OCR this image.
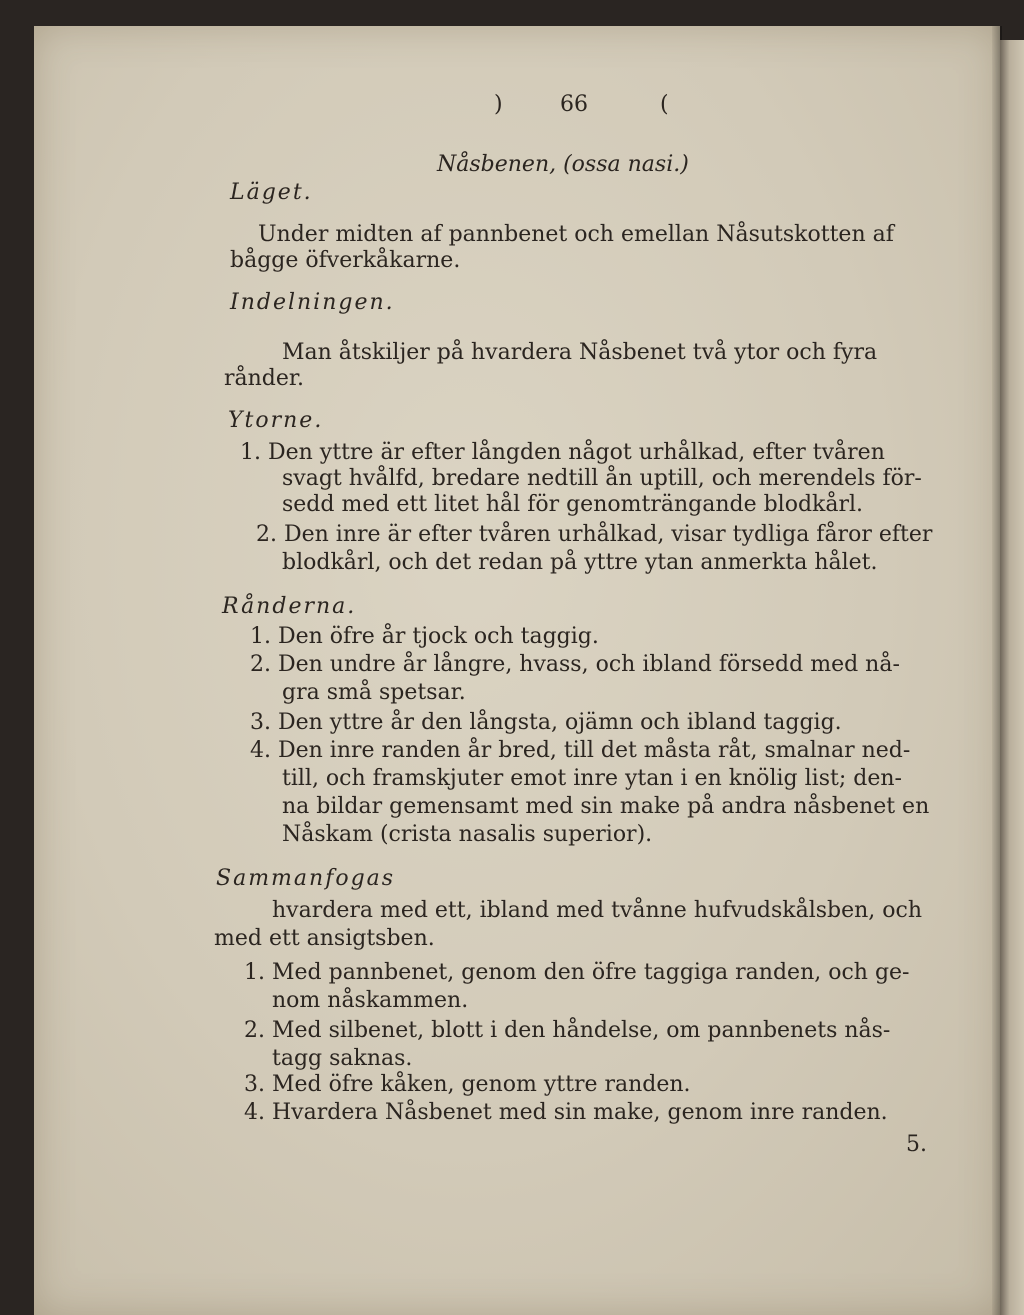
)	66	(
Nåsbenen, (ossa nasi.)
Läget.
Under midten af pannbenet och emellan Nåsutskotten af
bågge öfverkåkarne.
Indelningen.
Man åtskiljer på hvardera Nåsbenet två ytor och fyra
rånder.
Ytorne.
1. Den yttre är efter långden något urhålkad, efter tvåren
svagt hvålfd, bredare nedtill ån uptill, och merendels för-
sedd med ett litet hål för genomträngande blodkårl.
2. Den inre är efter tvåren urhålkad, visar tydliga fåror efter
blodkårl, och det redan på yttre ytan anmerkta hålet.
Rånderna.
1. Den öfre år tjock och taggig.
2. Den undre år långre, hvass, och ibland försedd med nå-
gra små spetsar.
3. Den yttre år den långsta, ojämn och ibland taggig.
4. Den inre randen år bred, till det måsta råt, smalnar ned-
till, och framskjuter emot inre ytan i en knölig list; den-
na bildar gemensamt med sin make på andra nåsbenet en
Nåskam (crista nasalis superior).
Sammanfogas
hvardera med ett, ibland med tvånne hufvudskålsben, och
med ett ansigtsben.
1. Med pannbenet, genom den öfre taggiga randen, och ge-
nom nåskammen.
2. Med silbenet, blott i den håndelse, om pannbenets nås-
tagg saknas.
3. Med öfre kåken, genom yttre randen.
4. Hvardera Nåsbenet med sin make, genom inre randen.
5.
